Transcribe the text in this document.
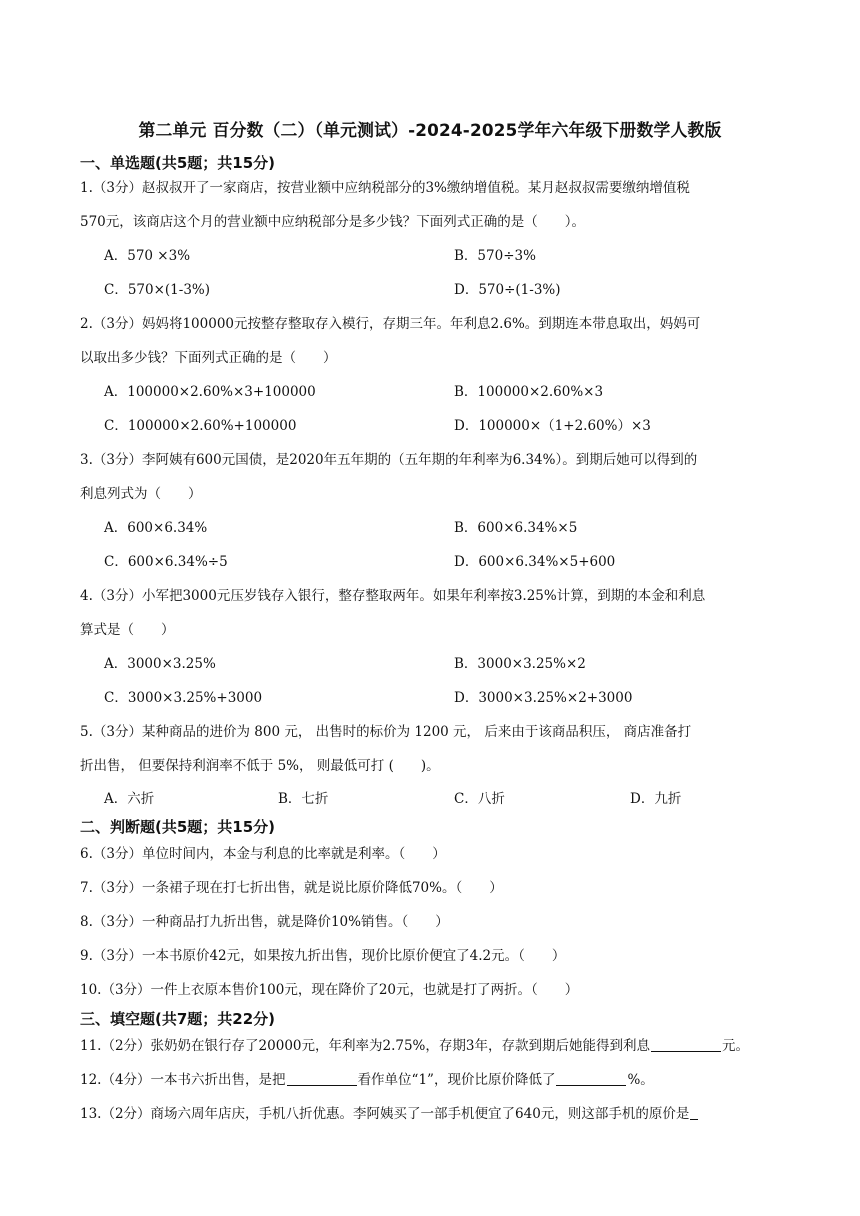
第二单元 百分数（二）（单元测试）-2024-2025学年六年级下册数学人教版
一、单选题(共5题；共15分)
1.（3分）赵叔叔开了一家商店，按营业额中应纳税部分的3%缴纳增值税。某月赵叔叔需要缴纳增值税
570元，该商店这个月的营业额中应纳税部分是多少钱？下面列式正确的是（　　）。
A．570 ×3%	B．570÷3%
C．570×(1-3%)	D．570÷(1-3%)
2.（3分）妈妈将100000元按整存整取存入模行，存期三年。年利息2.6%。到期连本带息取出，妈妈可
以取出多少钱？下面列式正确的是（　　）
A．100000×2.60%×3+100000	B．100000×2.60%×3
C．100000×2.60%+100000	D．100000×（1+2.60%）×3
3.（3分）李阿姨有600元国债，是2020年五年期的（五年期的年利率为6.34%）。到期后她可以得到的
利息列式为（　　）
A．600×6.34%	B．600×6.34%×5
C．600×6.34%÷5	D．600×6.34%×5+600
4.（3分）小军把3000元压岁钱存入银行，整存整取两年。如果年利率按3.25%计算，到期的本金和利息
算式是（　　）
A．3000×3.25%	B．3000×3.25%×2
C．3000×3.25%+3000	D．3000×3.25%×2+3000
5.（3分）某种商品的进价为 800 元， 出售时的标价为 1200 元， 后来由于该商品积压， 商店准备打
折出售， 但要保持利润率不低于 5%， 则最低可打 (　　)。
A．六折	B．七折	C．八折	D．九折
二、判断题(共5题；共15分)
6.（3分）单位时间内，本金与利息的比率就是利率。（　　）
7.（3分）一条裙子现在打七折出售，就是说比原价降低70%。（　　）
8.（3分）一种商品打九折出售，就是降价10%销售。（　　）
9.（3分）一本书原价42元，如果按九折出售，现价比原价便宜了4.2元。（　　）
10.（3分）一件上衣原本售价100元，现在降价了20元，也就是打了两折。（　　）
三、填空题(共7题；共22分)
11.（2分）张奶奶在银行存了20000元，年利率为2.75%，存期3年，存款到期后她能得到利息	元。
12.（4分）一本书六折出售，是把	看作单位“1”，现价比原价降低了	%。
13.（2分）商场六周年店庆，手机八折优惠。李阿姨买了一部手机便宜了640元，则这部手机的原价是
